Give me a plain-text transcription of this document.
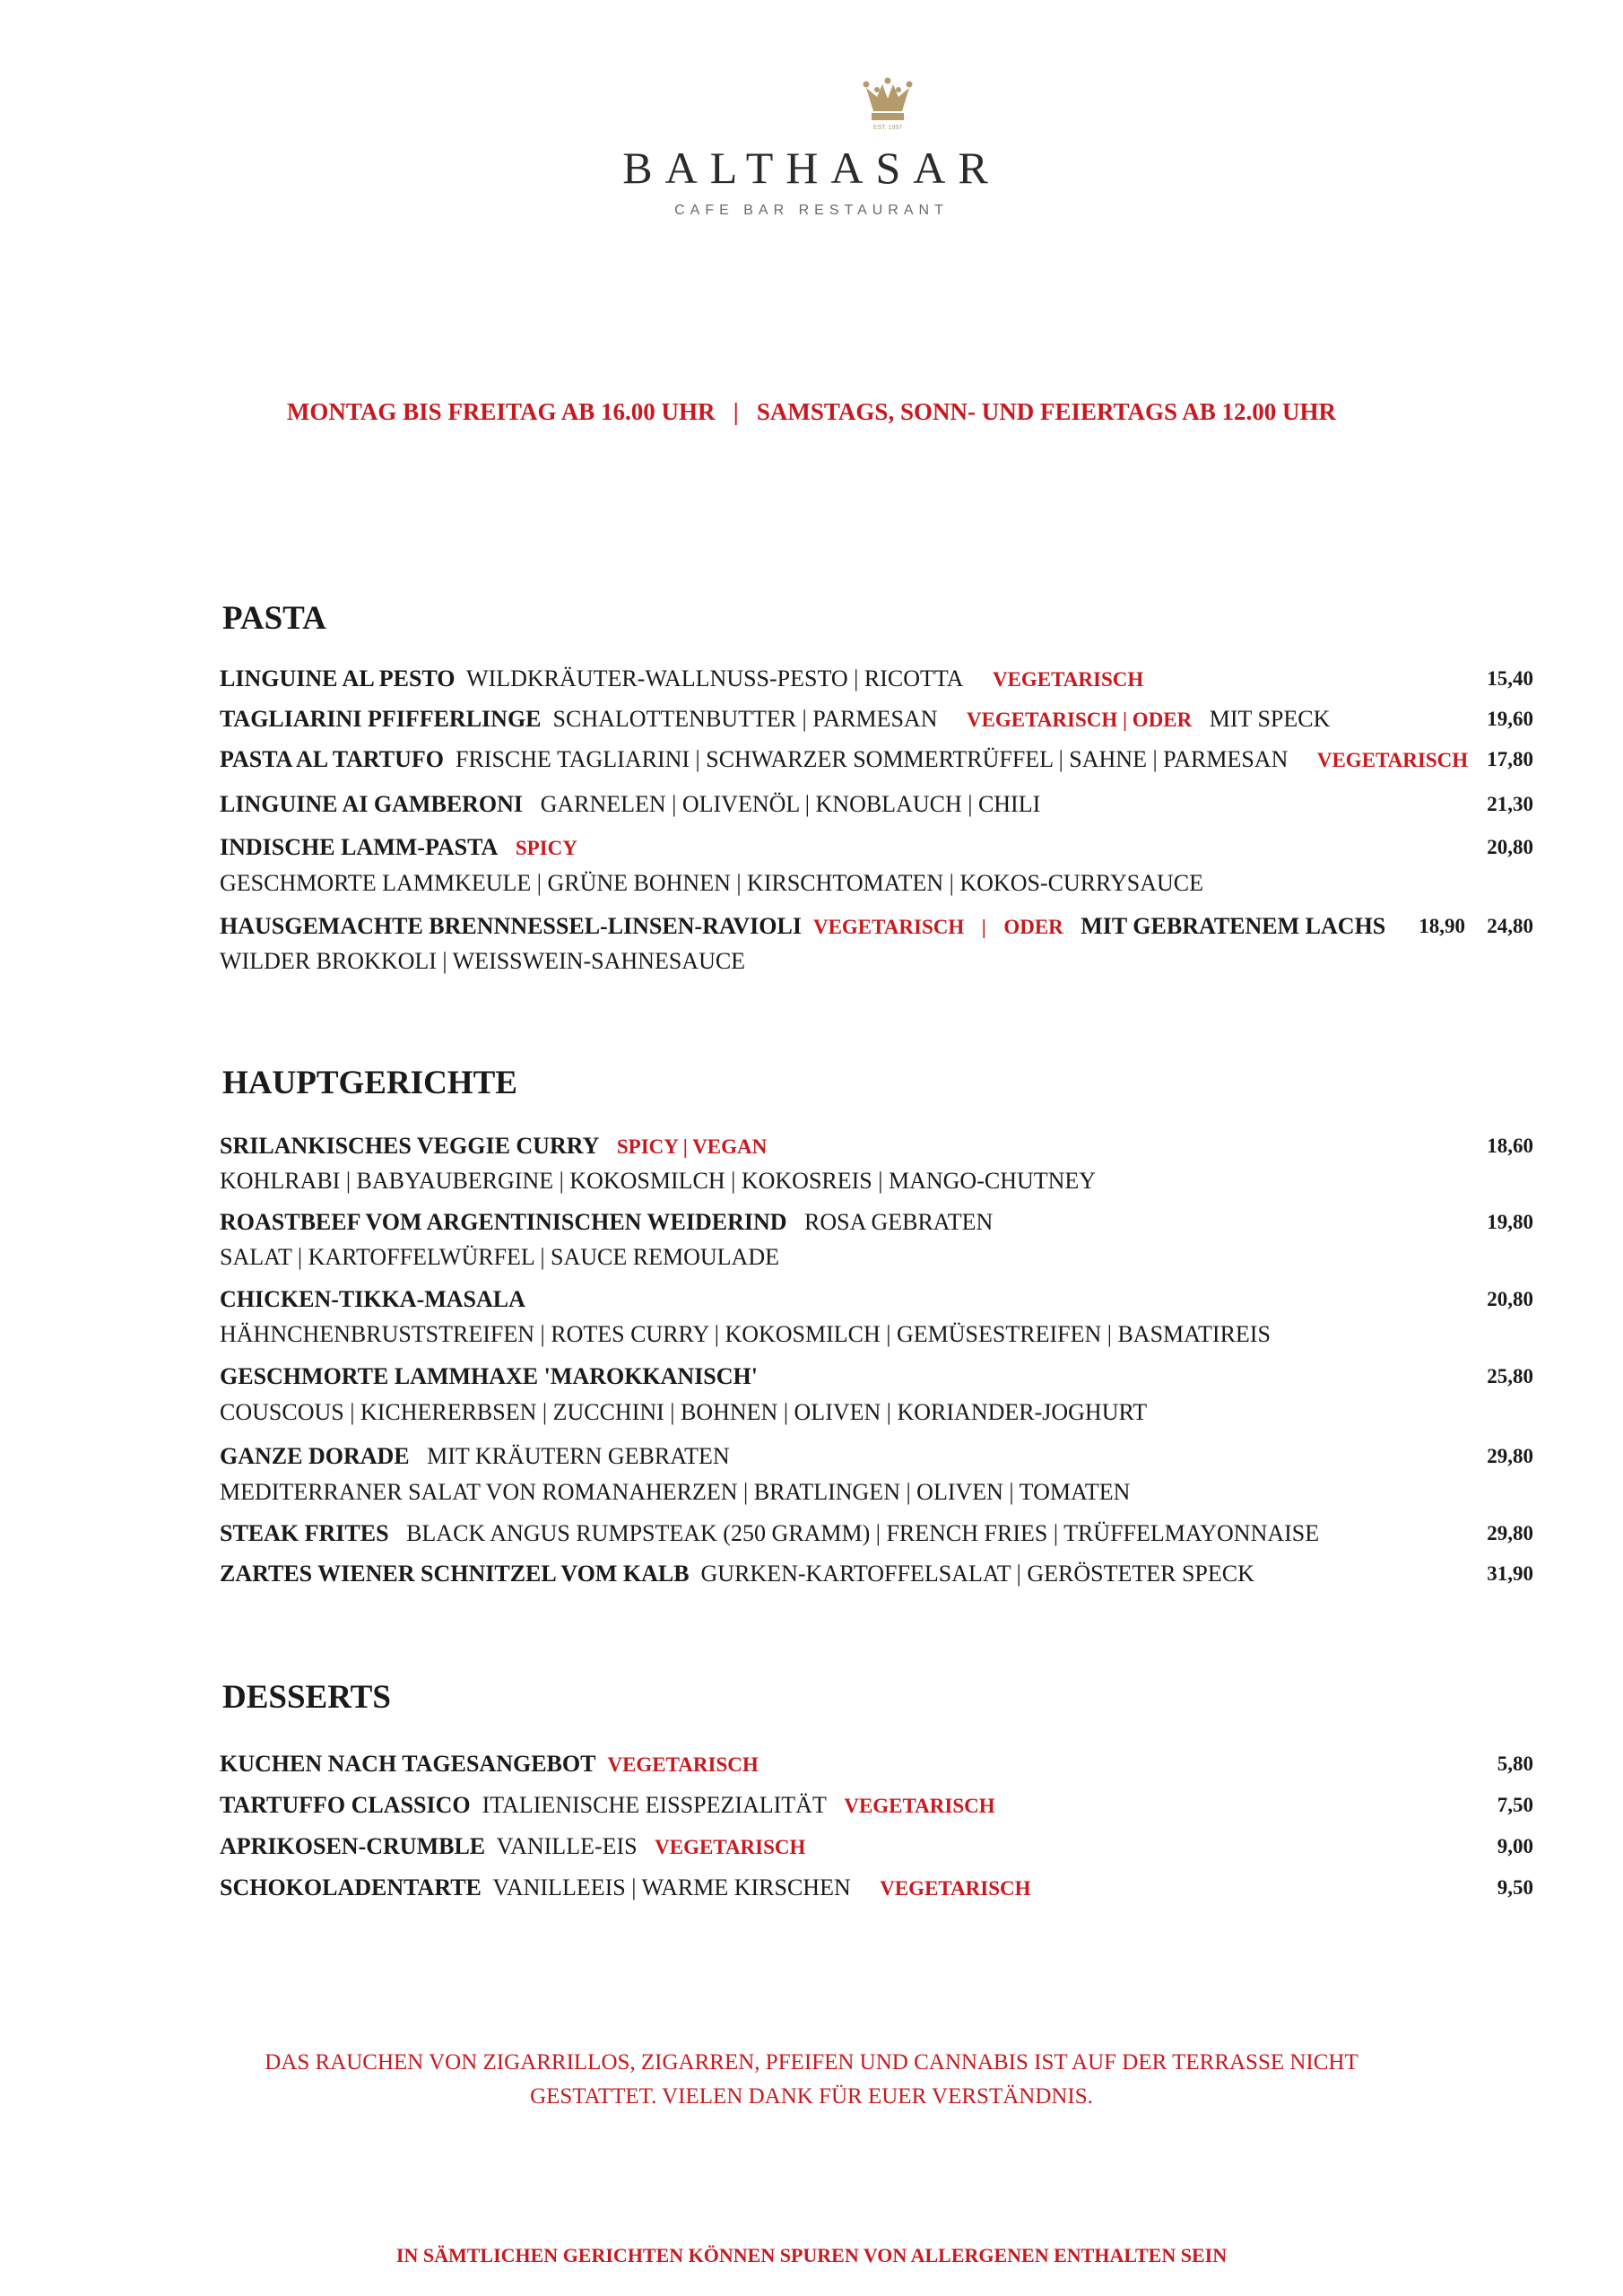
EST. 1997
BALTHASAR
CAFE BAR RESTAURANT
MONTAG BIS FREITAG AB 16.00 UHR   |   SAMSTAGS, SONN- UND FEIERTAGS AB 12.00 UHR
PASTA
LINGUINE AL PESTO WILDKRÄUTER-WALLNUSS-PESTO | RICOTTA VEGETARISCH	15,40
TAGLIARINI PFIFFERLINGE SCHALOTTENBUTTER | PARMESAN VEGETARISCH | ODER MIT SPECK	19,60
PASTA AL TARTUFO FRISCHE TAGLIARINI | SCHWARZER SOMMERTRÜFFEL | SAHNE | PARMESAN VEGETARISCH 17,80
LINGUINE AI GAMBERONI GARNELEN | OLIVENÖL | KNOBLAUCH | CHILI	21,30
INDISCHE LAMM-PASTA SPICY	20,80
GESCHMORTE LAMMKEULE | GRÜNE BOHNEN | KIRSCHTOMATEN | KOKOS-CURRYSAUCE
HAUSGEMACHTE BRENNNESSEL-LINSEN-RAVIOLI VEGETARISCH | ODER MIT GEBRATENEM LACHS	18,90 24,80
WILDER BROKKOLI | WEISSWEIN-SAHNESAUCE
HAUPTGERICHTE
SRILANKISCHES VEGGIE CURRY SPICY | VEGAN	18,60
KOHLRABI | BABYAUBERGINE | KOKOSMILCH | KOKOSREIS | MANGO-CHUTNEY
ROASTBEEF VOM ARGENTINISCHEN WEIDERIND ROSA GEBRATEN	19,80
SALAT | KARTOFFELWÜRFEL | SAUCE REMOULADE
CHICKEN-TIKKA-MASALA	20,80
HÄHNCHENBRUSTSTREIFEN | ROTES CURRY | KOKOSMILCH | GEMÜSESTREIFEN | BASMATIREIS
GESCHMORTE LAMMHAXE 'MAROKKANISCH'	25,80
COUSCOUS | KICHERERBSEN | ZUCCHINI | BOHNEN | OLIVEN | KORIANDER-JOGHURT
GANZE DORADE MIT KRÄUTERN GEBRATEN	29,80
MEDITERRANER SALAT VON ROMANAHERZEN | BRATLINGEN | OLIVEN | TOMATEN
STEAK FRITES BLACK ANGUS RUMPSTEAK (250 GRAMM) | FRENCH FRIES | TRÜFFELMAYONNAISE	29,80
ZARTES WIENER SCHNITZEL VOM KALB GURKEN-KARTOFFELSALAT | GERÖSTETER SPECK	31,90
DESSERTS
KUCHEN NACH TAGESANGEBOT VEGETARISCH	5,80
TARTUFFO CLASSICO ITALIENISCHE EISSPEZIALITÄT VEGETARISCH	7,50
APRIKOSEN-CRUMBLE VANILLE-EIS VEGETARISCH	9,00
SCHOKOLADENTARTE VANILLEEIS | WARME KIRSCHEN VEGETARISCH	9,50
DAS RAUCHEN VON ZIGARRILLOS, ZIGARREN, PFEIFEN UND CANNABIS IST AUF DER TERRASSE NICHT
GESTATTET. VIELEN DANK FÜR EUER VERSTÄNDNIS.
IN SÄMTLICHEN GERICHTEN KÖNNEN SPUREN VON ALLERGENEN ENTHALTEN SEIN
